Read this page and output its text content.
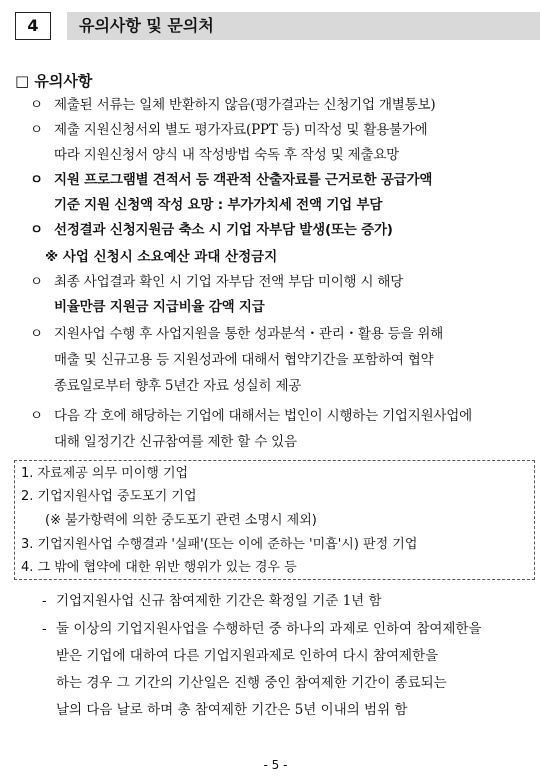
4	유의사항 및 문의처
□ 유의사항
ㅇ 제출된 서류는 일체 반환하지 않음(평가결과는 신청기업 개별통보)
ㅇ 제출 지원신청서외 별도 평가자료(PPT 등) 미작성 및 활용불가에
따라 지원신청서 양식 내 작성방법 숙독 후 작성 및 제출요망
ㅇ 지원 프로그램별 견적서 등 객관적 산출자료를 근거로한 공급가액
기준 지원 신청액 작성 요망 : 부가가치세 전액 기업 부담
ㅇ 선정결과 신청지원금 축소 시 기업 자부담 발생(또는 증가)
※ 사업 신청시 소요예산 과대 산정금지
ㅇ 최종 사업결과 확인 시 기업 자부담 전액 부담 미이행 시 해당
비율만큼 지원금 지급비율 감액 지급
ㅇ 지원사업 수행 후 사업지원을 통한 성과분석・관리・활용 등을 위해
매출 및 신규고용 등 지원성과에 대해서 협약기간을 포함하여 협약
종료일로부터 향후 5년간 자료 성실히 제공
ㅇ 다음 각 호에 해당하는 기업에 대해서는 법인이 시행하는 기업지원사업에
대해 일정기간 신규참여를 제한 할 수 있음
1. 자료제공 의무 미이행 기업
2. 기업지원사업 중도포기 기업
(※ 불가항력에 의한 중도포기 관련 소명시 제외)
3. 기업지원사업 수행결과 '실패'(또는 이에 준하는 '미흡'시) 판정 기업
4. 그 밖에 협약에 대한 위반 행위가 있는 경우 등
- 기업지원사업 신규 참여제한 기간은 확정일 기준 1년 함
- 둘 이상의 기업지원사업을 수행하던 중 하나의 과제로 인하여 참여제한을
받은 기업에 대하여 다른 기업지원과제로 인하여 다시 참여제한을
하는 경우 그 기간의 기산일은 진행 중인 참여제한 기간이 종료되는
날의 다음 날로 하며 총 참여제한 기간은 5년 이내의 범위 함
- 5 -
